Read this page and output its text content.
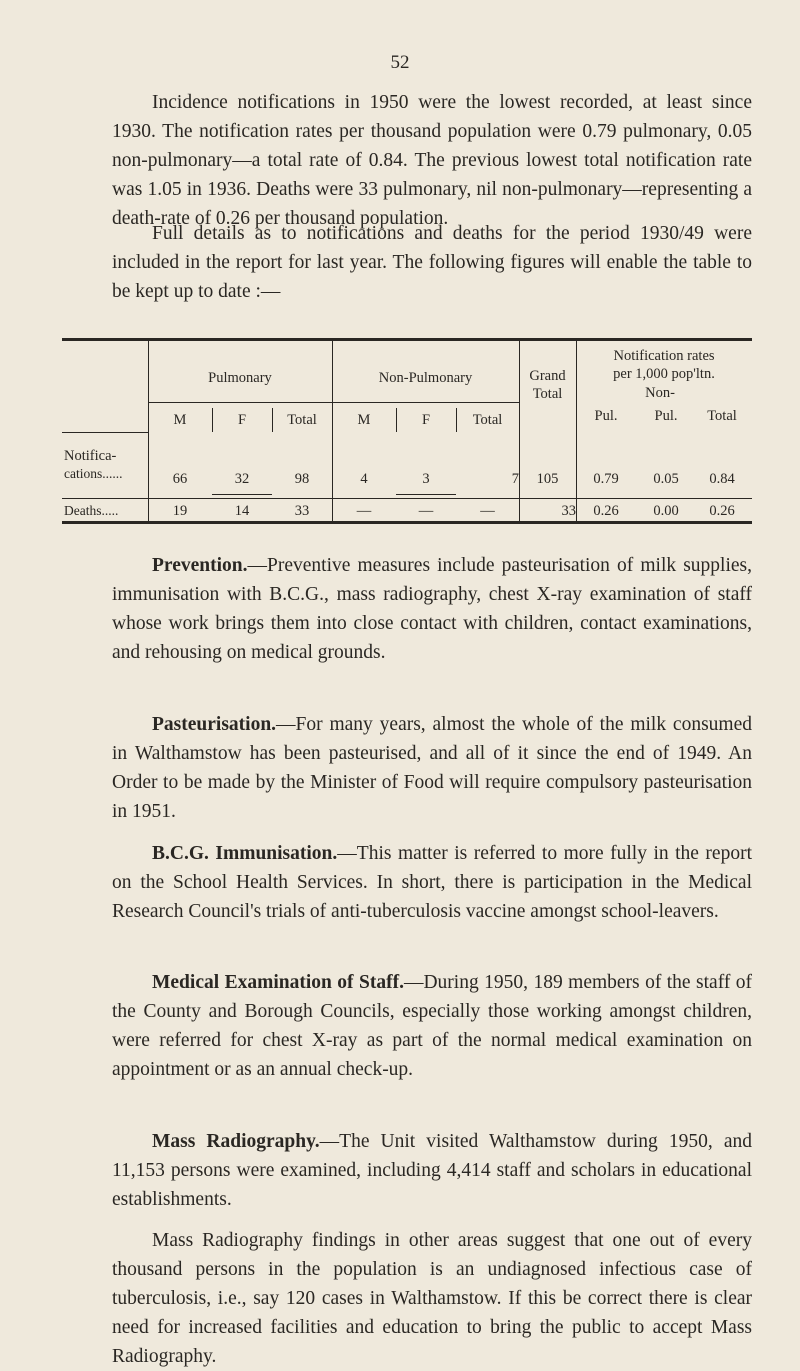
52

Incidence notifications in 1950 were the lowest recorded, at least since 1930. The notification rates per thousand population were 0.79 pulmonary, 0.05 non-pulmonary—a total rate of 0.84. The previous lowest total notification rate was 1.05 in 1936. Deaths were 33 pulmonary, nil non-pulmonary—representing a death-rate of 0.26 per thousand population.

Full details as to notifications and deaths for the period 1930/49 were included in the report for last year. The following figures will enable the table to be kept up to date :—

Pulmonary	Non-Pulmonary	Grand
Total
Notification rates
per 1,000 pop'ltn.
Non-
M	F	Total	M	F	Total	Pul.	Pul.	Total
Notifica-
cations......	66	32	98	4	3	7	105	0.79	0.05	0.84
Deaths.....	19	14	33	—	—	—	33	0.26	0.00	0.26

Prevention.—Preventive measures include pasteurisation of milk supplies, immunisation with B.C.G., mass radiography, chest X-ray examination of staff whose work brings them into close contact with children, contact examinations, and rehousing on medical grounds.

Pasteurisation.—For many years, almost the whole of the milk consumed in Walthamstow has been pasteurised, and all of it since the end of 1949. An Order to be made by the Minister of Food will require compulsory pasteurisation in 1951.

B.C.G. Immunisation.—This matter is referred to more fully in the report on the School Health Services. In short, there is participation in the Medical Research Council's trials of anti-tuberculosis vaccine amongst school-leavers.

Medical Examination of Staff.—During 1950, 189 members of the staff of the County and Borough Councils, especially those working amongst children, were referred for chest X-ray as part of the normal medical examination on appointment or as an annual check-up.

Mass Radiography.—The Unit visited Walthamstow during 1950, and 11,153 persons were examined, including 4,414 staff and scholars in educational establishments.

Mass Radiography findings in other areas suggest that one out of every thousand persons in the population is an undiagnosed infectious case of tuberculosis, i.e., say 120 cases in Walthamstow. If this be correct there is clear need for increased facilities and education to bring the public to accept Mass Radiography.
